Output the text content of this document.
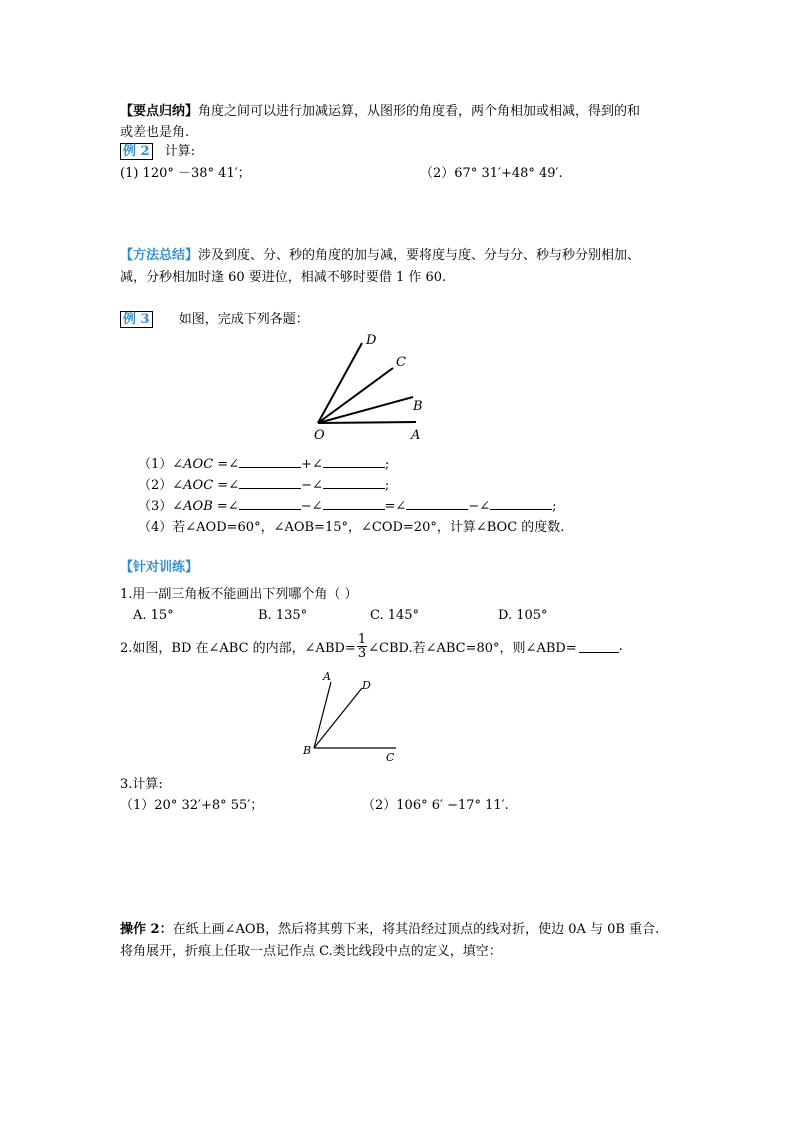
【要点归纳】角度之间可以进行加减运算，从图形的角度看，两个角相加或相减，得到的和
或差也是角.
例 2 计算:
(1) 120° －38° 41′；	（2）67° 31′+48° 49′.
【方法总结】涉及到度、分、秒的角度的加与减，要将度与度、分与分、秒与秒分别相加、
减，分秒相加时逢 60 要进位，相减不够时要借 1 作 60.
例 3 如图，完成下列各题：
D
C
B
O	A
（1）∠AOC =∠	+∠	;
（2）∠AOC =∠	−∠	;
（3）∠AOB =∠	−∠	=∠	−∠	;
（4）若∠AOD=60°，∠AOB=15°，∠COD=20°，计算∠BOC 的度数.
【针对训练】
1.用一副三角板不能画出下列哪个角（ ）
A. 15°	B. 135°	C. 145°	D. 105°
2.如图，BD 在∠ABC 的内部，∠ABD= $\frac{1}{3}$ ∠CBD.若∠ABC=80°，则∠ABD=	.
A
D
B
C
3.计算:
（1）20° 32′+8° 55′；	（2）106° 6′ −17° 11′.
操作 2：在纸上画∠AOB，然后将其剪下来，将其沿经过顶点的线对折，使边 0A 与 0B 重合.
将角展开，折痕上任取一点记作点 C.类比线段中点的定义，填空：
